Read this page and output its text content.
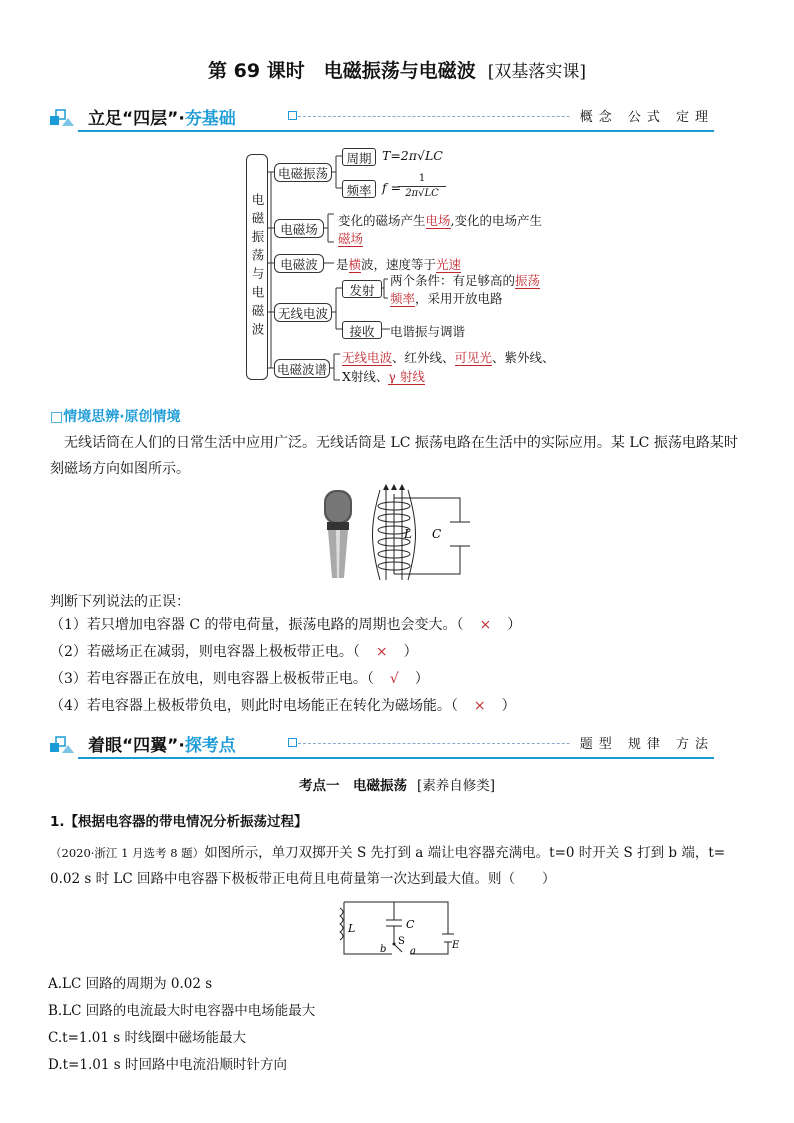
第 69 课时　电磁振荡与电磁波 [双基落实课]
立足“四层”·夯基础	概念 公式 定理
电磁振荡与电磁波
电磁振荡
周期 T=2π√LC
频率 f =
1
2π√LC
电磁场
变化的磁场产生电场,变化的电场产生
磁场
电磁波	是横波，速度等于光速
无线电波
发射
两个条件：有足够高的振荡
频率，采用开放电路
接收	电谐振与调谐
电磁波谱
无线电波、红外线、可见光、紫外线、
X射线、γ 射线
□情境思辨·原创情境
无线话筒在人们的日常生活中应用广泛。无线话筒是 LC 振荡电路在生活中的实际应用。某 LC 振荡电路某时刻磁场方向如图所示。
L C
判断下列说法的正误：
（1）若只增加电容器 C 的带电荷量，振荡电路的周期也会变大。（ × ）
（2）若磁场正在减弱，则电容器上极板带正电。（ × ）
（3）若电容器正在放电，则电容器上极板带正电。（ √ ）
（4）若电容器上极板带负电，则此时电场能正在转化为磁场能。（ × ）
着眼“四翼”·探考点	题型 规律 方法
考点一　电磁振荡 [素养自修类]
1.【根据电容器的带电情况分析振荡过程】
（2020·浙江 1 月选考 8 题）如图所示，单刀双掷开关 S 先打到 a 端让电容器充满电。t=0 时开关 S 打到 b 端，t=
0.02 s 时 LC 回路中电容器下极板带正电荷且电荷量第一次达到最大值。则（　　）
L	C
S
a
b	E
A.LC 回路的周期为 0.02 s
B.LC 回路的电流最大时电容器中电场能最大
C.t=1.01 s 时线圈中磁场能最大
D.t=1.01 s 时回路中电流沿顺时针方向
